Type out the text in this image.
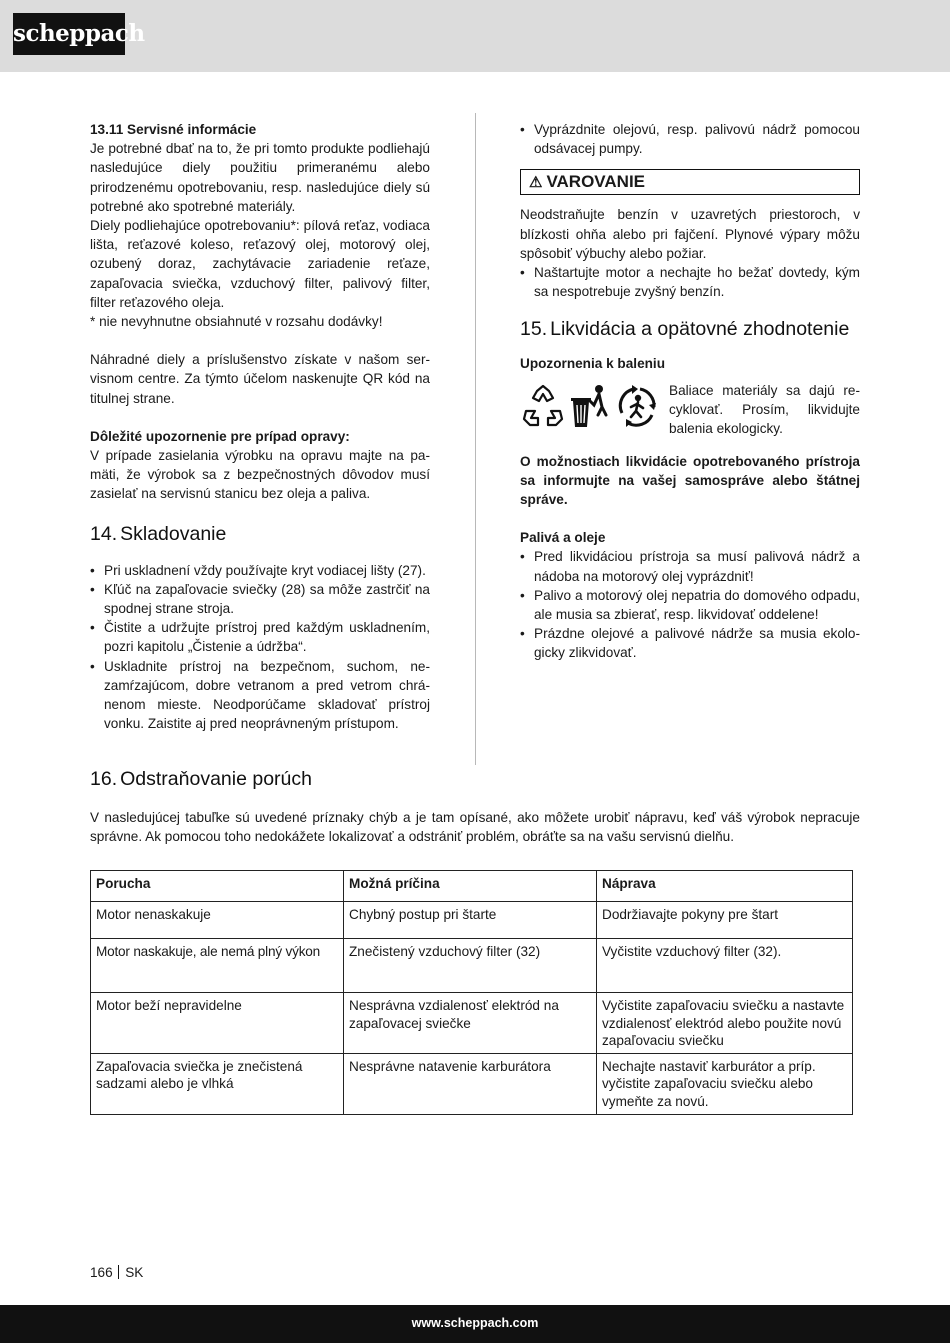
scheppach

13.11 Servisné informácie

Je potrebné dbať na to, že pri tomto produkte podliehajú nasledujúce diely použitiu primeranému alebo prirodzenému opotrebovaniu, resp. nasledujúce diely sú potrebné ako spotrebné materiály.

Diely podliehajúce opotrebovaniu*: pílová reťaz, vodiaca lišta, reťazové koleso, reťazový olej, motorový olej, ozubený doraz, zachytávacie zariadenie reťaze, zapaľovacia sviečka, vzduchový filter, palivový filter, filter reťazového oleja.

* nie nevyhnutne obsiahnuté v rozsahu dodávky!

Náhradné diely a príslušenstvo získate v našom servisnom centre. Za týmto účelom naskenujte QR kód na titulnej strane.

Dôležité upozornenie pre prípad opravy:

V prípade zasielania výrobku na opravu majte na pamäti, že výrobok sa z bezpečnostných dôvodov musí zasielať na servisnú stanicu bez oleja a paliva.

14. Skladovanie
• Pri uskladnení vždy používajte kryt vodiacej lišty (27).
• Kľúč na zapaľovacie sviečky (28) sa môže zastrčiť na spodnej strane stroja.
• Čistite a udržujte prístroj pred každým uskladnením, pozri kapitolu „Čistenie a údržba“.
• Uskladnite prístroj na bezpečnom, suchom, nezamŕzajúcom, dobre vetranom a pred vetrom chránenom mieste. Neodporúčame skladovať prístroj vonku. Zaistite aj pred neoprávneným prístupom.
• Vyprázdnite olejovú, resp. palivovú nádrž pomocou odsávacej pumpy.
⚠ VAROVANIE

Neodstraňujte benzín v uzavretých priestoroch, v blízkosti ohňa alebo pri fajčení. Plynové výpary môžu spôsobiť výbuchy alebo požiar.

• Naštartujte motor a nechajte ho bežať dovtedy, kým sa nespotrebuje zvyšný benzín.
15. Likvidácia a opätovné zhodnotenie

Upozornenia k baleniu

Baliace materiály sa dajú recyklovať. Prosím, likvidujte balenia ekologicky.

O možnostiach likvidácie opotrebovaného prístroja sa informujte na vašej samospráve alebo štátnej správe.

Palivá a oleje

• Pred likvidáciou prístroja sa musí palivová nádrž a nádoba na motorový olej vyprázdniť!
• Palivo a motorový olej nepatria do domového odpadu, ale musia sa zbierať, resp. likvidovať oddelene!
• Prázdne olejové a palivové nádrže sa musia ekologicky zlikvidovať.
16. Odstraňovanie porúch

V nasledujúcej tabuľke sú uvedené príznaky chýb a je tam opísané, ako môžete urobiť nápravu, keď váš výrobok nepracuje správne. Ak pomocou toho nedokážete lokalizovať a odstrániť problém, obráťte sa na vašu servisnú dielňu.

Porucha	Možná príčina	Náprava
Motor nenaskakuje	Chybný postup pri štarte	Dodržiavajte pokyny pre štart
Motor naskakuje, ale nemá plný výkon	Znečistený vzduchový filter (32)	Vyčistite vzduchový filter (32).
Motor beží nepravidelne	Nesprávna vzdialenosť elektród na zapaľovacej sviečke	Vyčistite zapaľovaciu sviečku a nastavte vzdialenosť elektród alebo použite novú zapaľovaciu sviečku
Zapaľovacia sviečka je znečistená sadzami alebo je vlhká	Nesprávne natavenie karburátora	Nechajte nastaviť karburátor a príp. vyčistite zapaľovaciu sviečku alebo vymeňte za novú.
166 SK
www.scheppach.com
